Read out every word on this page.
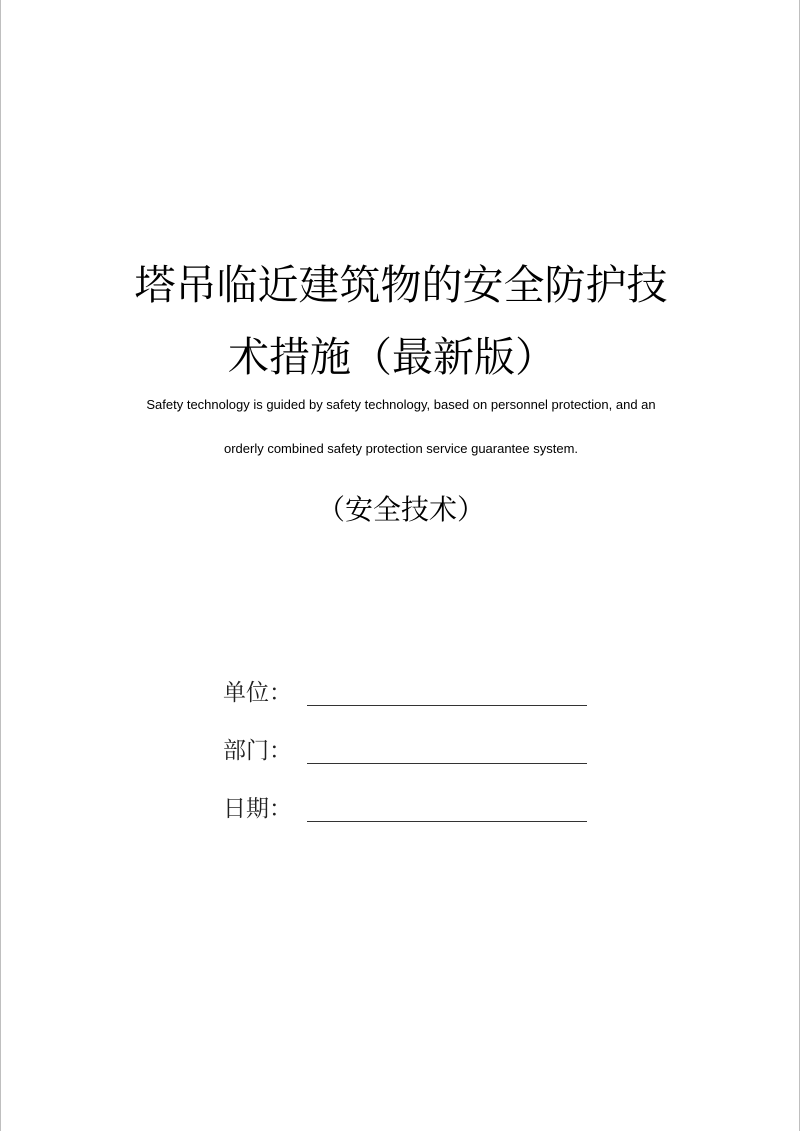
塔吊临近建筑物的安全防护技
术措施（最新版）
Safety technology is guided by safety technology, based on personnel protection, and an
orderly combined safety protection service guarantee system.
（安全技术）
单位：
部门：
日期：
